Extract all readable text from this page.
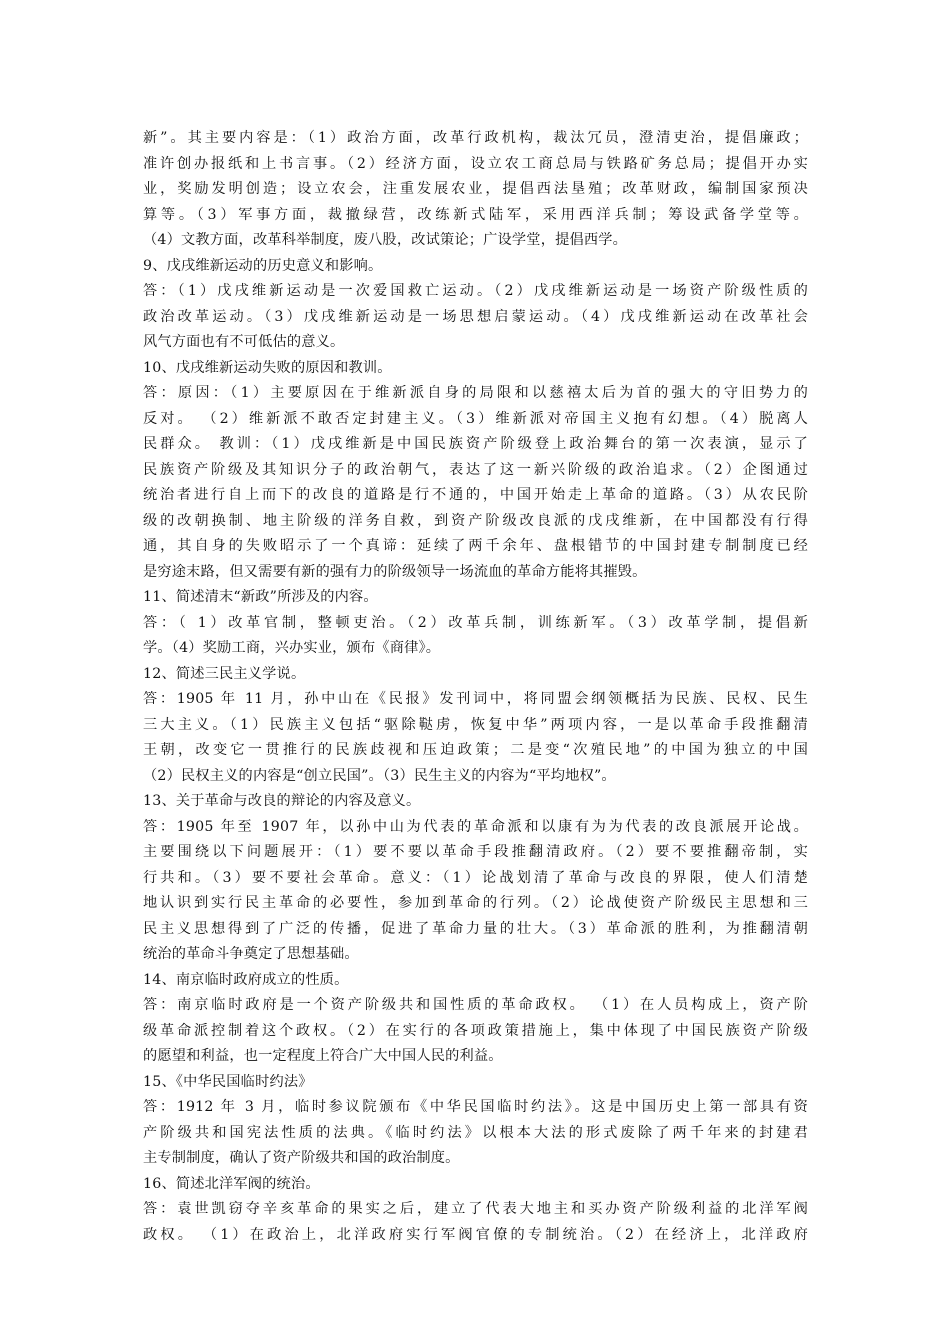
新”。其主要内容是：（1）政治方面，改革行政机构，裁汰冗员，澄清吏治，提倡廉政；
准许创办报纸和上书言事。（2）经济方面，设立农工商总局与铁路矿务总局；提倡开办实
业，奖励发明创造；设立农会，注重发展农业，提倡西法垦殖；改革财政，编制国家预决
算等。（3）军事方面，裁撤绿营，改练新式陆军，采用西洋兵制；筹设武备学堂等。
（4）文教方面，改革科举制度，废八股，改试策论；广设学堂，提倡西学。
9、戊戌维新运动的历史意义和影响。
答：（1）戊戌维新运动是一次爱国救亡运动。（2）戊戌维新运动是一场资产阶级性质的
政治改革运动。（3）戊戌维新运动是一场思想启蒙运动。（4）戊戌维新运动在改革社会
风气方面也有不可低估的意义。
10、戊戌维新运动失败的原因和教训。
答：原因：（1）主要原因在于维新派自身的局限和以慈禧太后为首的强大的守旧势力的
反对。 （2）维新派不敢否定封建主义。（3）维新派对帝国主义抱有幻想。（4）脱离人
民群众。 教训：（1）戊戌维新是中国民族资产阶级登上政治舞台的第一次表演，显示了
民族资产阶级及其知识分子的政治朝气，表达了这一新兴阶级的政治追求。（2）企图通过
统治者进行自上而下的改良的道路是行不通的，中国开始走上革命的道路。（3）从农民阶
级的改朝换制、地主阶级的洋务自救，到资产阶级改良派的戊戌维新，在中国都没有行得
通，其自身的失败昭示了一个真谛：延续了两千余年、盘根错节的中国封建专制制度已经
是穷途末路，但又需要有新的强有力的阶级领导一场流血的革命方能将其摧毁。
11、简述清末“新政”所涉及的内容。
答：（ 1）改革官制，整顿吏治。（2）改革兵制，训练新军。（3）改革学制，提倡新
学。（4）奖励工商，兴办实业，颁布《商律》。
12、简述三民主义学说。
答：1905 年 11 月，孙中山在《民报》发刊词中，将同盟会纲领概括为民族、民权、民生
三大主义。（1）民族主义包括“驱除鞑虏，恢复中华”两项内容，一是以革命手段推翻清
王朝，改变它一贯推行的民族歧视和压迫政策；二是变“次殖民地”的中国为独立的中国
（2）民权主义的内容是“创立民国”。（3）民生主义的内容为“平均地权”。
13、关于革命与改良的辩论的内容及意义。
答：1905 年至 1907 年，以孙中山为代表的革命派和以康有为为代表的改良派展开论战。
主要围绕以下问题展开：（1）要不要以革命手段推翻清政府。（2）要不要推翻帝制，实
行共和。（3）要不要社会革命。意义：（1）论战划清了革命与改良的界限，使人们清楚
地认识到实行民主革命的必要性，参加到革命的行列。（2）论战使资产阶级民主思想和三
民主义思想得到了广泛的传播，促进了革命力量的壮大。（3）革命派的胜利，为推翻清朝
统治的革命斗争奠定了思想基础。
14、南京临时政府成立的性质。
答：南京临时政府是一个资产阶级共和国性质的革命政权。 （1）在人员构成上，资产阶
级革命派控制着这个政权。（2）在实行的各项政策措施上，集中体现了中国民族资产阶级
的愿望和利益，也一定程度上符合广大中国人民的利益。
15、《中华民国临时约法》
答：1912 年 3 月，临时参议院颁布《中华民国临时约法》。这是中国历史上第一部具有资
产阶级共和国宪法性质的法典。《临时约法》以根本大法的形式废除了两千年来的封建君
主专制制度，确认了资产阶级共和国的政治制度。
16、简述北洋军阀的统治。
答：袁世凯窃夺辛亥革命的果实之后，建立了代表大地主和买办资产阶级利益的北洋军阀
政权。 （1）在政治上，北洋政府实行军阀官僚的专制统治。（2）在经济上，北洋政府
